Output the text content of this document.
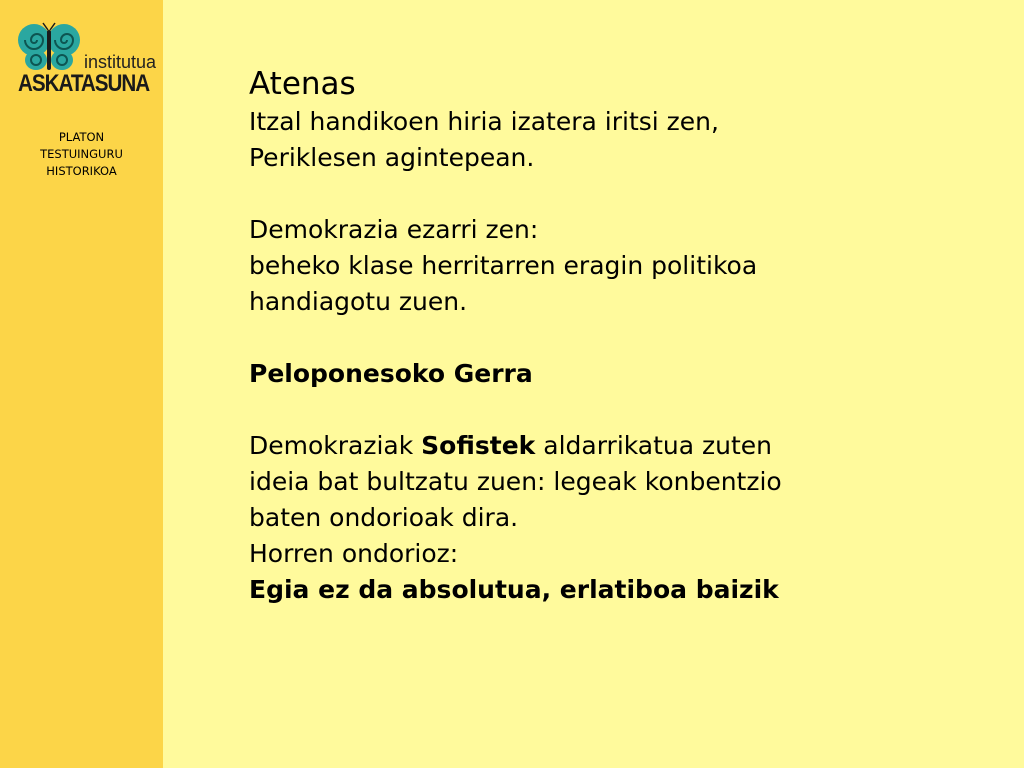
institutua
ASKATASUNA
PLATON
TESTUINGURU
HISTORIKOA

Atenas

Itzal handikoen hiria izatera iritsi zen,

Periklesen agintepean.

Demokrazia ezarri zen:

beheko klase herritarren eragin politikoa

handiagotu zuen.

Peloponesoko Gerra

Demokraziak Sofistek aldarrikatua zuten

ideia bat bultzatu zuen: legeak konbentzio

baten ondorioak dira.

Horren ondorioz:

Egia ez da absolutua, erlatiboa baizik
